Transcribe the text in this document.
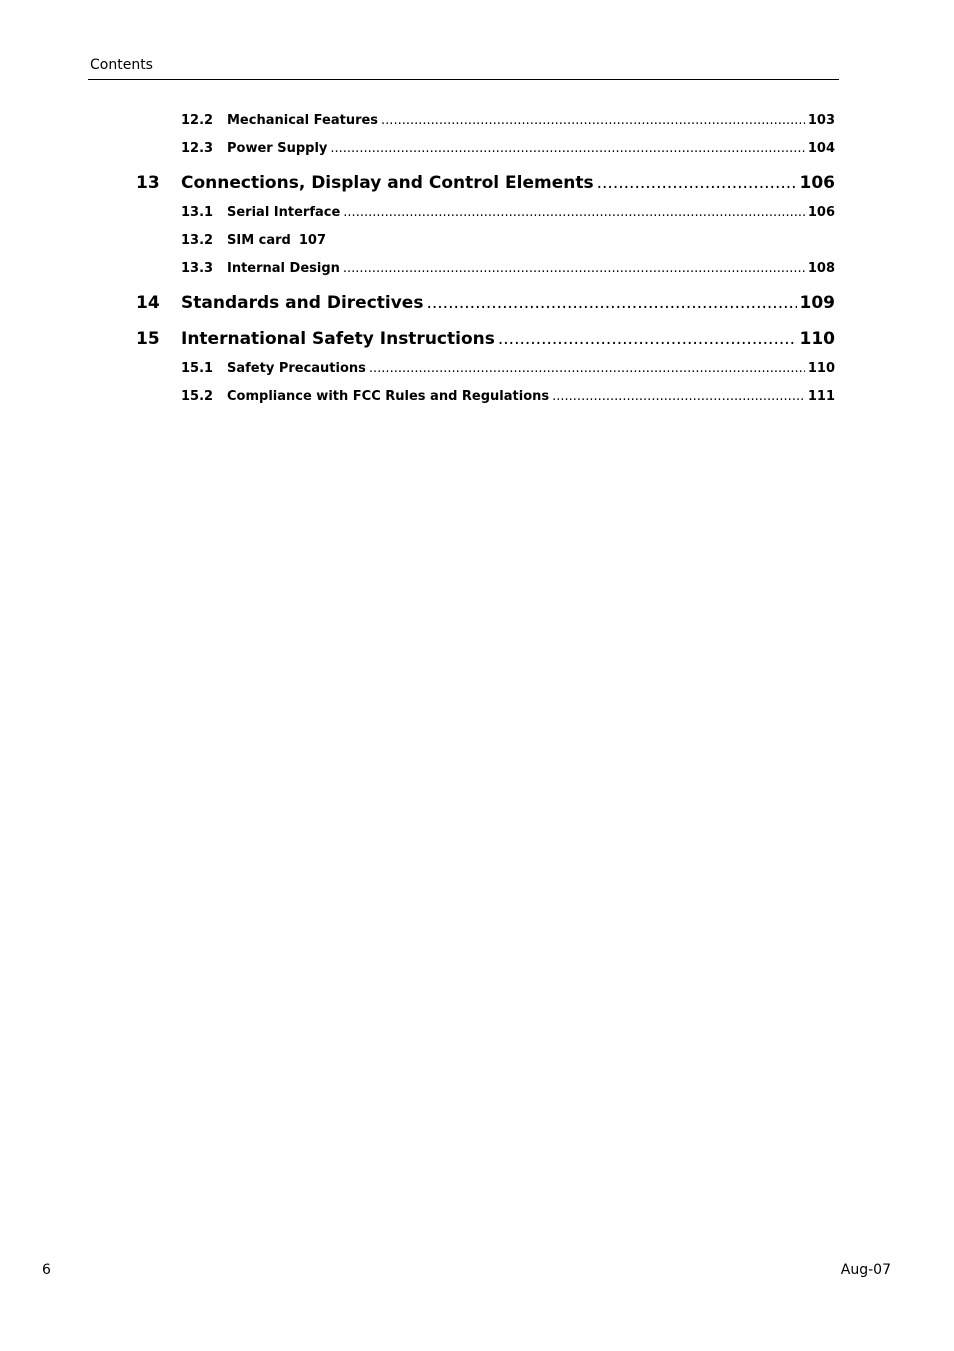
Contents
12.2	Mechanical Features .....	103
12.3	Power Supply .....	104
13	Connections, Display and Control Elements .....	106
13.1	Serial Interface .....	106
13.2	SIM card 107
13.3	Internal Design .....	108
14	Standards and Directives .....	109
15	International Safety Instructions .....	110
15.1	Safety Precautions .....	110
15.2	Compliance with FCC Rules and Regulations .....	111
6	Aug-07
